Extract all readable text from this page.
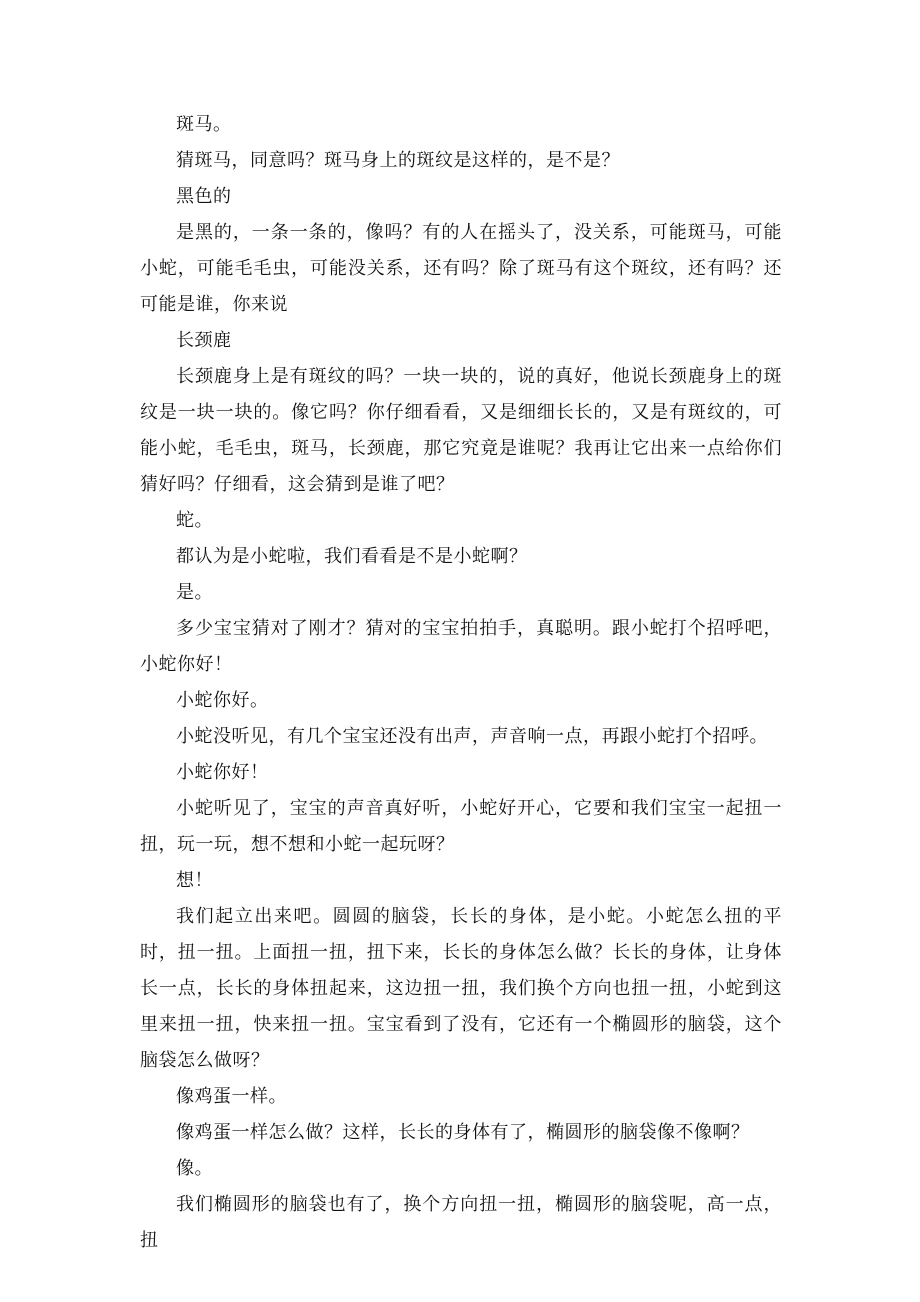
斑马。

猜斑马，同意吗？斑马身上的斑纹是这样的，是不是？

黑色的

是黑的，一条一条的，像吗？有的人在摇头了，没关系，可能斑马，可能小蛇，可能毛毛虫，可能没关系，还有吗？除了斑马有这个斑纹，还有吗？还可能是谁，你来说

长颈鹿

长颈鹿身上是有斑纹的吗？一块一块的，说的真好，他说长颈鹿身上的斑纹是一块一块的。像它吗？你仔细看看，又是细细长长的，又是有斑纹的，可能小蛇，毛毛虫，斑马，长颈鹿，那它究竟是谁呢？我再让它出来一点给你们猜好吗？仔细看，这会猜到是谁了吧？

蛇。

都认为是小蛇啦，我们看看是不是小蛇啊？

是。

多少宝宝猜对了刚才？猜对的宝宝拍拍手，真聪明。跟小蛇打个招呼吧，小蛇你好！

小蛇你好。

小蛇没听见，有几个宝宝还没有出声，声音响一点，再跟小蛇打个招呼。

小蛇你好！

小蛇听见了，宝宝的声音真好听，小蛇好开心，它要和我们宝宝一起扭一扭，玩一玩，想不想和小蛇一起玩呀？

想！

我们起立出来吧。圆圆的脑袋，长长的身体，是小蛇。小蛇怎么扭的平时，扭一扭。上面扭一扭，扭下来，长长的身体怎么做？长长的身体，让身体长一点，长长的身体扭起来，这边扭一扭，我们换个方向也扭一扭，小蛇到这里来扭一扭，快来扭一扭。宝宝看到了没有，它还有一个椭圆形的脑袋，这个脑袋怎么做呀？

像鸡蛋一样。

像鸡蛋一样怎么做？这样，长长的身体有了，椭圆形的脑袋像不像啊？

像。

我们椭圆形的脑袋也有了，换个方向扭一扭，椭圆形的脑袋呢，高一点，扭
